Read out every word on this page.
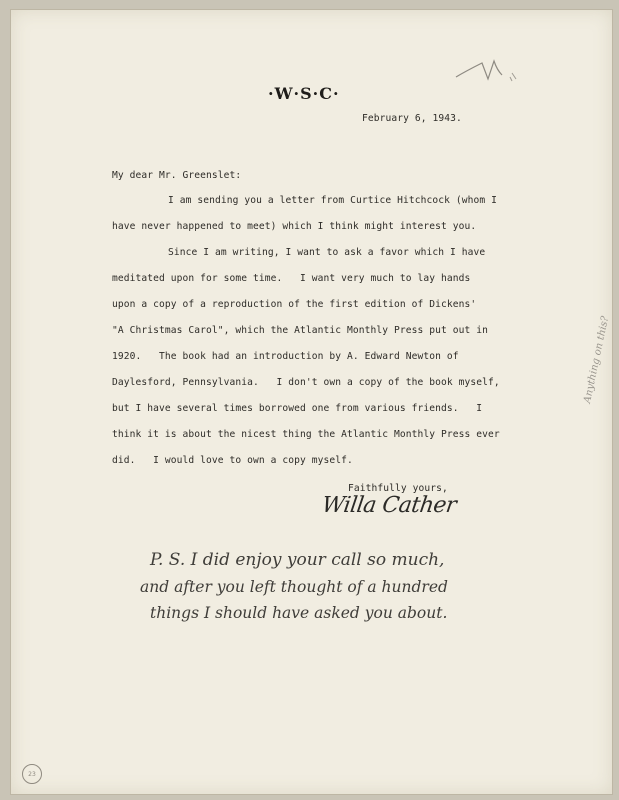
·W·S·C·
February 6, 1943.
My dear Mr. Greenslet:
I am sending you a letter from Curtice Hitchcock (whom I
have never happened to meet) which I think might interest you.
Since I am writing, I want to ask a favor which I have
meditated upon for some time.   I want very much to lay hands
upon a copy of a reproduction of the first edition of Dickens'
"A Christmas Carol", which the Atlantic Monthly Press put out in
1920.   The book had an introduction by A. Edward Newton of
Daylesford, Pennsylvania.   I don't own a copy of the book myself,
but I have several times borrowed one from various friends.   I
think it is about the nicest thing the Atlantic Monthly Press ever
did.   I would love to own a copy myself.
Faithfully yours,
Willa Cather
P. S. I did enjoy your call so much,
and after you left thought of a hundred
things I should have asked you about.
Anything on this?
23
